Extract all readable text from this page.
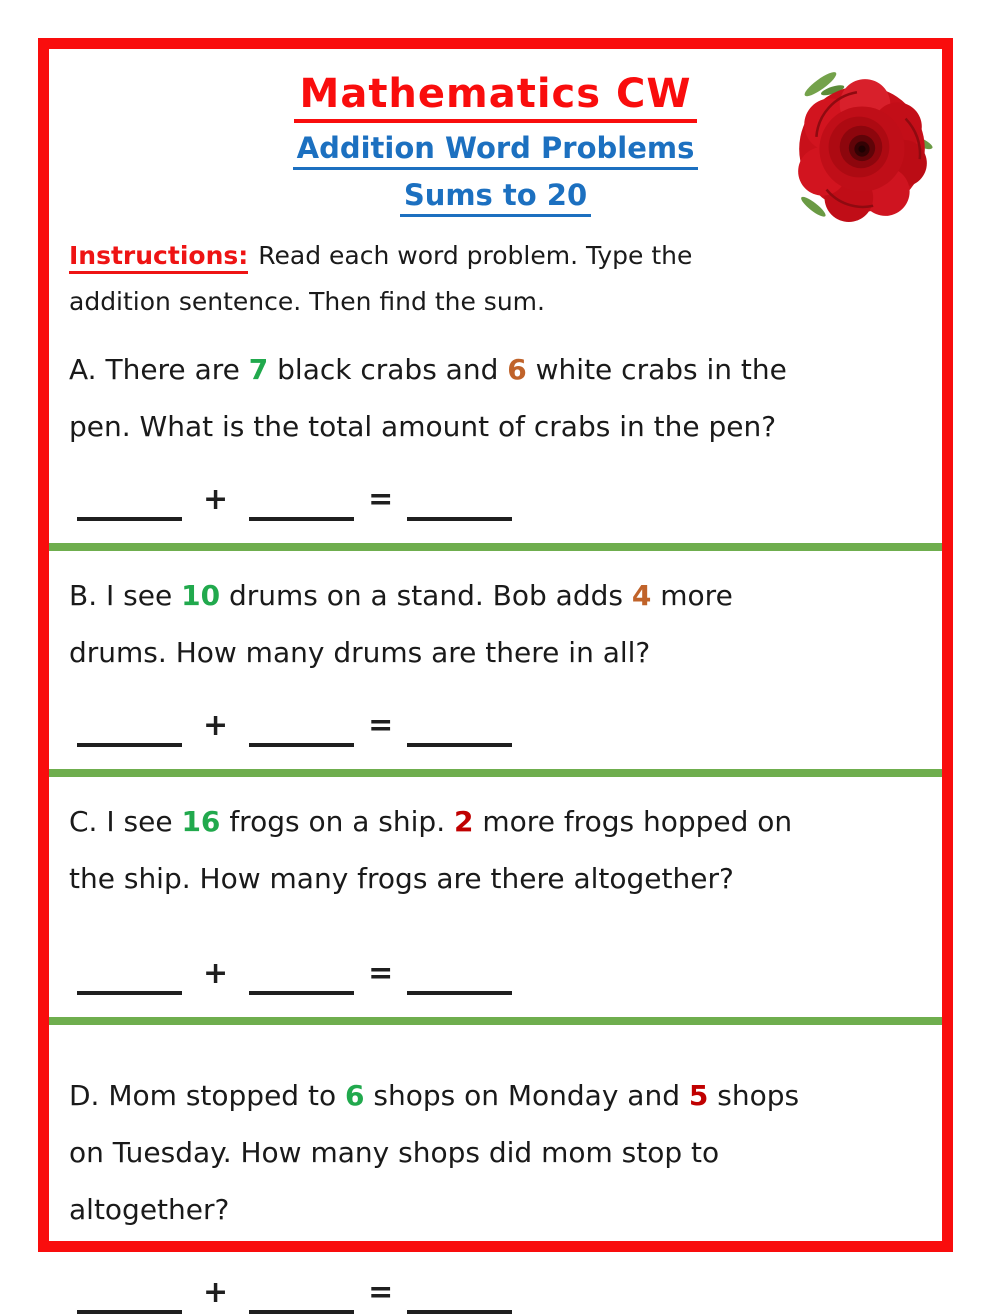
Mathematics CW
Addition Word Problems
Sums to 20

Instructions: Read each word problem. Type the
addition sentence. Then find the sum.

A. There are 7 black crabs and 6 white crabs in the
pen. What is the total amount of crabs in the pen?

+	=

B. I see 10 drums on a stand. Bob adds 4 more
drums. How many drums are there in all?

+	=

C. I see 16 frogs on a ship. 2 more frogs hopped on
the ship. How many frogs are there altogether?

+	=

D. Mom stopped to 6 shops on Monday and 5 shops
on Tuesday. How many shops did mom stop to
altogether?

+	=
